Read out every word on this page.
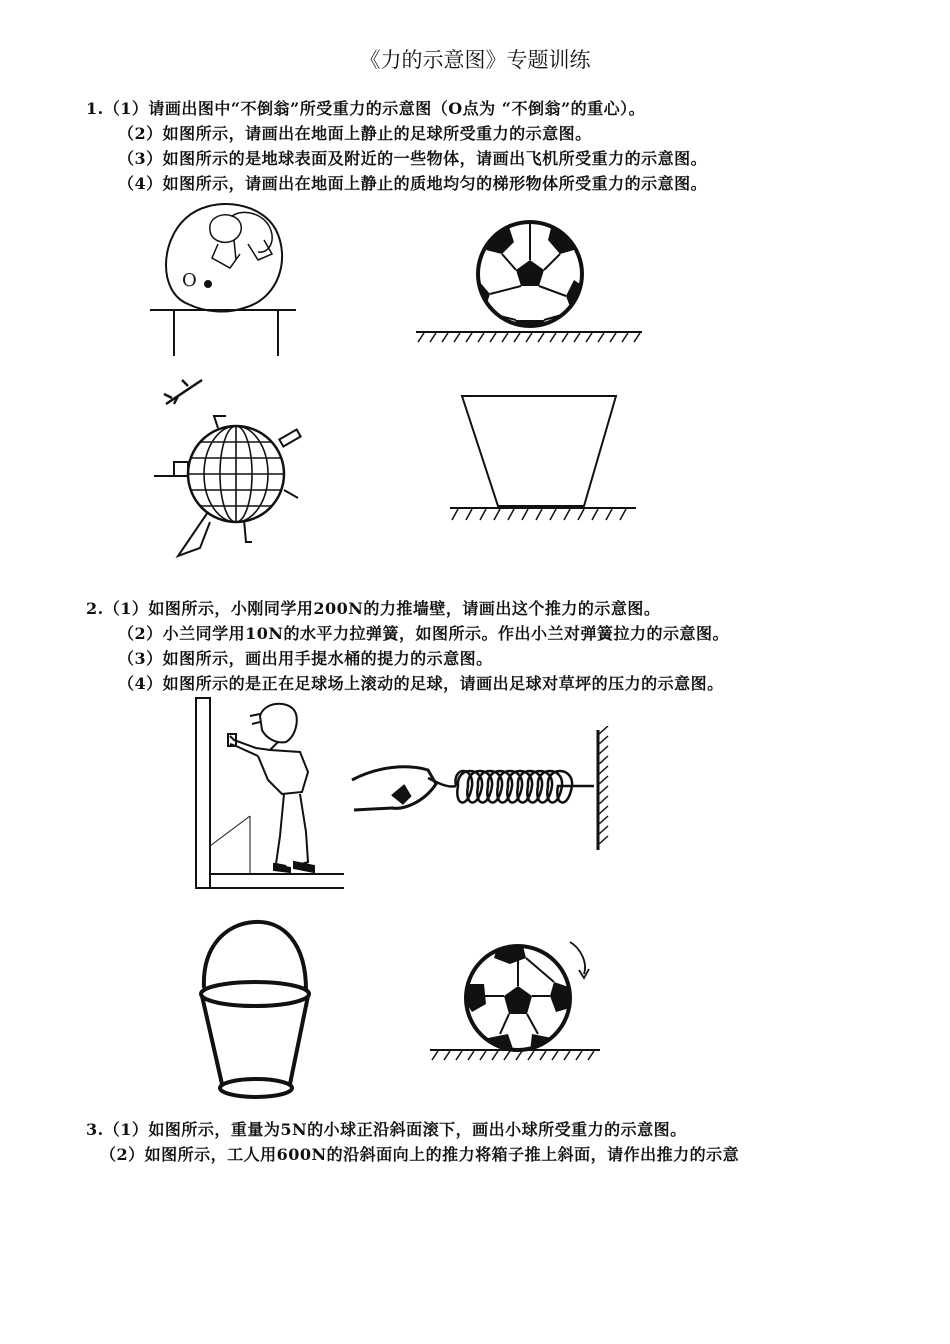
《力的示意图》专题训练
1.（1）请画出图中“不倒翁”所受重力的示意图（O点为 “不倒翁”的重心）。
（2）如图所示，请画出在地面上静止的足球所受重力的示意图。
（3）如图所示的是地球表面及附近的一些物体，请画出飞机所受重力的示意图。
（4）如图所示，请画出在地面上静止的质地均匀的梯形物体所受重力的示意图。
O
2.（1）如图所示，小刚同学用200N的力推墙壁，请画出这个推力的示意图。
（2）小兰同学用10N的水平力拉弹簧，如图所示。作出小兰对弹簧拉力的示意图。
（3）如图所示，画出用手提水桶的提力的示意图。
（4）如图所示的是正在足球场上滚动的足球，请画出足球对草坪的压力的示意图。
3.（1）如图所示，重量为5N的小球正沿斜面滚下，画出小球所受重力的示意图。
（2）如图所示，工人用600N的沿斜面向上的推力将箱子推上斜面，请作出推力的示意
